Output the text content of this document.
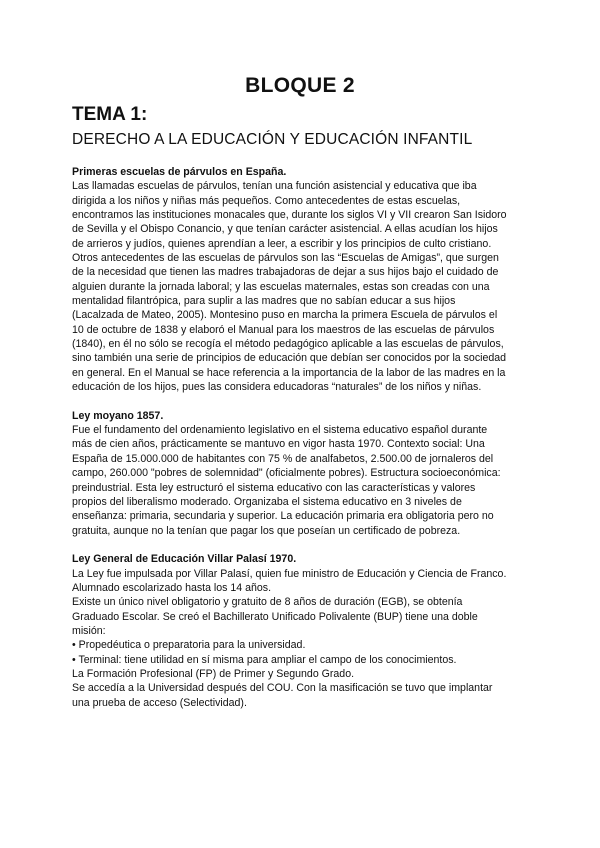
BLOQUE 2
TEMA 1:
DERECHO A LA EDUCACIÓN Y EDUCACIÓN INFANTIL
Primeras escuelas de párvulos en España.

Las llamadas escuelas de párvulos, tenían una función asistencial y educativa que iba
dirigida a los niños y niñas más pequeños. Como antecedentes de estas escuelas,
encontramos las instituciones monacales que, durante los siglos VI y VII crearon San Isidoro
de Sevilla y el Obispo Conancio, y que tenían carácter asistencial. A ellas acudían los hijos
de arrieros y judíos, quienes aprendían a leer, a escribir y los principios de culto cristiano.
Otros antecedentes de las escuelas de párvulos son las “Escuelas de Amigas”, que surgen
de la necesidad que tienen las madres trabajadoras de dejar a sus hijos bajo el cuidado de
alguien durante la jornada laboral; y las escuelas maternales, estas son creadas con una
mentalidad filantrópica, para suplir a las madres que no sabían educar a sus hijos
(Lacalzada de Mateo, 2005). Montesino puso en marcha la primera Escuela de párvulos el
10 de octubre de 1838 y elaboró el Manual para los maestros de las escuelas de párvulos
(1840), en él no sólo se recogía el método pedagógico aplicable a las escuelas de párvulos,
sino también una serie de principios de educación que debían ser conocidos por la sociedad
en general. En el Manual se hace referencia a la importancia de la labor de las madres en la
educación de los hijos, pues las considera educadoras “naturales” de los niños y niñas.

Ley moyano 1857.

Fue el fundamento del ordenamiento legislativo en el sistema educativo español durante
más de cien años, prácticamente se mantuvo en vigor hasta 1970. Contexto social: Una
España de 15.000.000 de habitantes con 75 % de analfabetos, 2.500.00 de jornaleros del
campo, 260.000 "pobres de solemnidad" (oficialmente pobres). Estructura socioeconómica:
preindustrial. Esta ley estructuró el sistema educativo con las características y valores
propios del liberalismo moderado. Organizaba el sistema educativo en 3 niveles de
enseñanza: primaria, secundaria y superior. La educación primaria era obligatoria pero no
gratuita, aunque no la tenían que pagar los que poseían un certificado de pobreza.

Ley General de Educación Villar Palasí 1970.

La Ley fue impulsada por Villar Palasí, quien fue ministro de Educación y Ciencia de Franco.
Alumnado escolarizado hasta los 14 años.
Existe un único nivel obligatorio y gratuito de 8 años de duración (EGB), se obtenía
Graduado Escolar. Se creó el Bachillerato Unificado Polivalente (BUP) tiene una doble
misión:
• Propedéutica o preparatoria para la universidad.
• Terminal: tiene utilidad en sí misma para ampliar el campo de los conocimientos.
La Formación Profesional (FP) de Primer y Segundo Grado.
Se accedía a la Universidad después del COU. Con la masificación se tuvo que implantar
una prueba de acceso (Selectividad).
